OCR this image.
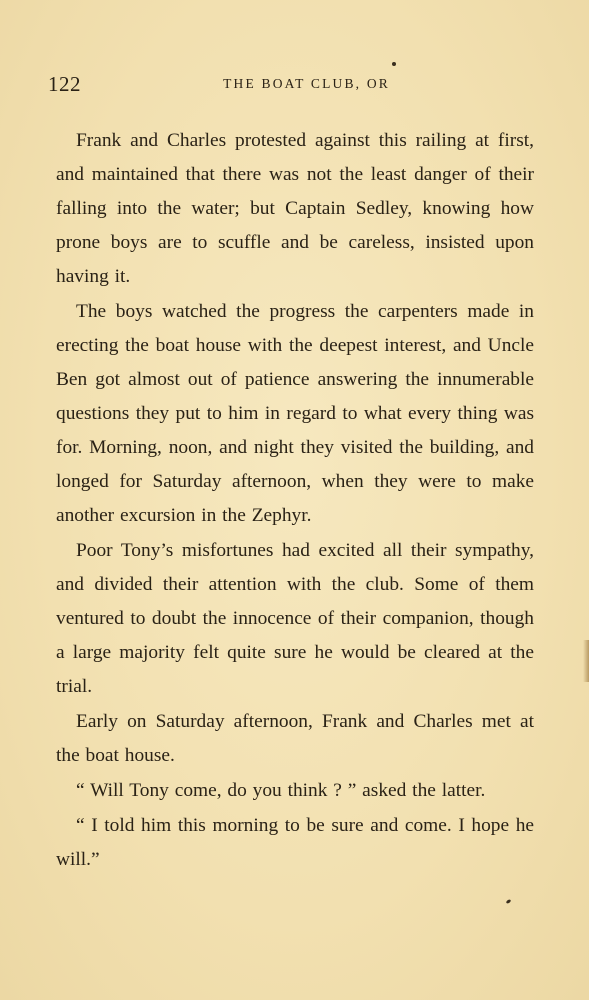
122	THE BOAT CLUB, OR

Frank and Charles protested against this railing at first, and maintained that there was not the least danger of their falling into the water; but Captain Sedley, knowing how prone boys are to scuffle and be careless, insisted upon having it.

The boys watched the progress the carpenters made in erecting the boat house with the deepest interest, and Uncle Ben got almost out of patience answering the innumerable questions they put to him in regard to what every thing was for. Morning, noon, and night they visited the building, and longed for Saturday afternoon, when they were to make another excursion in the Zephyr.

Poor Tony’s misfortunes had excited all their sympathy, and divided their attention with the club. Some of them ventured to doubt the innocence of their companion, though a large majority felt quite sure he would be cleared at the trial.

Early on Saturday afternoon, Frank and Charles met at the boat house.

“ Will Tony come, do you think ? ” asked the latter.

“ I told him this morning to be sure and come. I hope he will.”
